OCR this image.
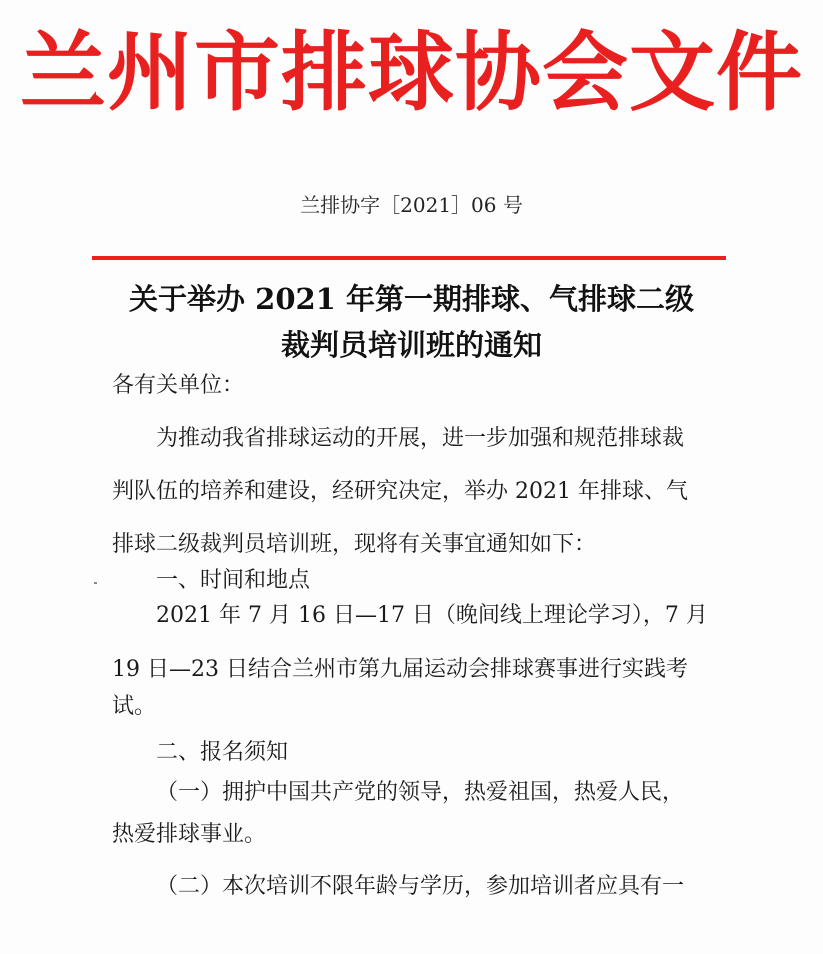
兰州市排球协会文件
兰排协字［2021］06 号
关于举办 2021 年第一期排球、气排球二级
裁判员培训班的通知
各有关单位：
为推动我省排球运动的开展，进一步加强和规范排球裁
判队伍的培养和建设，经研究决定，举办 2021 年排球、气
排球二级裁判员培训班，现将有关事宜通知如下：
一、时间和地点
2021 年 7 月 16 日—17 日（晚间线上理论学习），7 月
19 日—23 日结合兰州市第九届运动会排球赛事进行实践考
试。
二、报名须知
（一）拥护中国共产党的领导，热爱祖国，热爱人民，
热爱排球事业。
（二）本次培训不限年龄与学历，参加培训者应具有一
